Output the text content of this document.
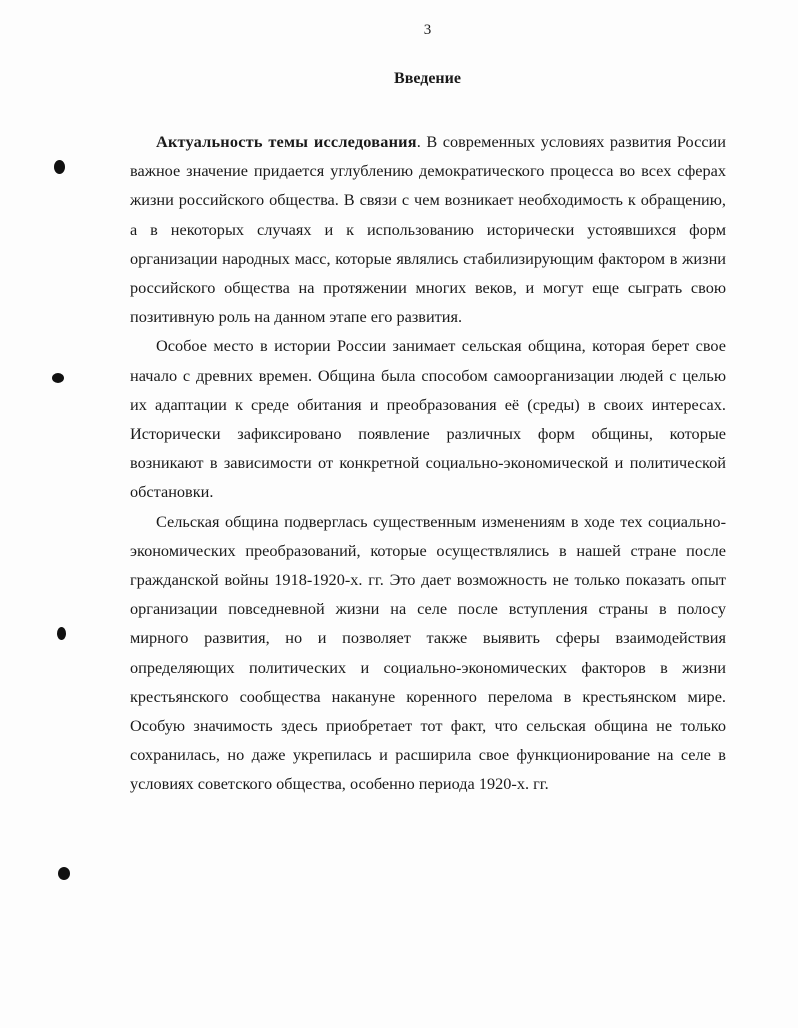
3
Введение

Актуальность темы исследования. В современных условиях развития России важное значение придается углублению демократического процесса во всех сферах жизни российского общества. В связи с чем возникает необходимость к обращению, а в некоторых случаях и к использованию исторически устоявшихся форм организации народных масс, которые являлись стабилизирующим фактором в жизни российского общества на протяжении многих веков, и могут еще сыграть свою позитивную роль на данном этапе его развития.

Особое место в истории России занимает сельская община, которая берет свое начало с древних времен. Община была способом самоорганизации людей с целью их адаптации к среде обитания и преобразования её (среды) в своих интересах. Исторически зафиксировано появление различных форм общины, которые возникают в зависимости от конкретной социально-экономической и политической обстановки.

Сельская община подверглась существенным изменениям в ходе тех социально-экономических преобразований, которые осуществлялись в нашей стране после гражданской войны 1918-1920-х. гг. Это дает возможность не только показать опыт организации повседневной жизни на селе после вступления страны в полосу мирного развития, но и позволяет также выявить сферы взаимодействия определяющих политических и социально-экономических факторов в жизни крестьянского сообщества накануне коренного перелома в крестьянском мире. Особую значимость здесь приобретает тот факт, что сельская община не только сохранилась, но даже укрепилась и расширила свое функционирование на селе в условиях советского общества, особенно периода 1920-х. гг.
